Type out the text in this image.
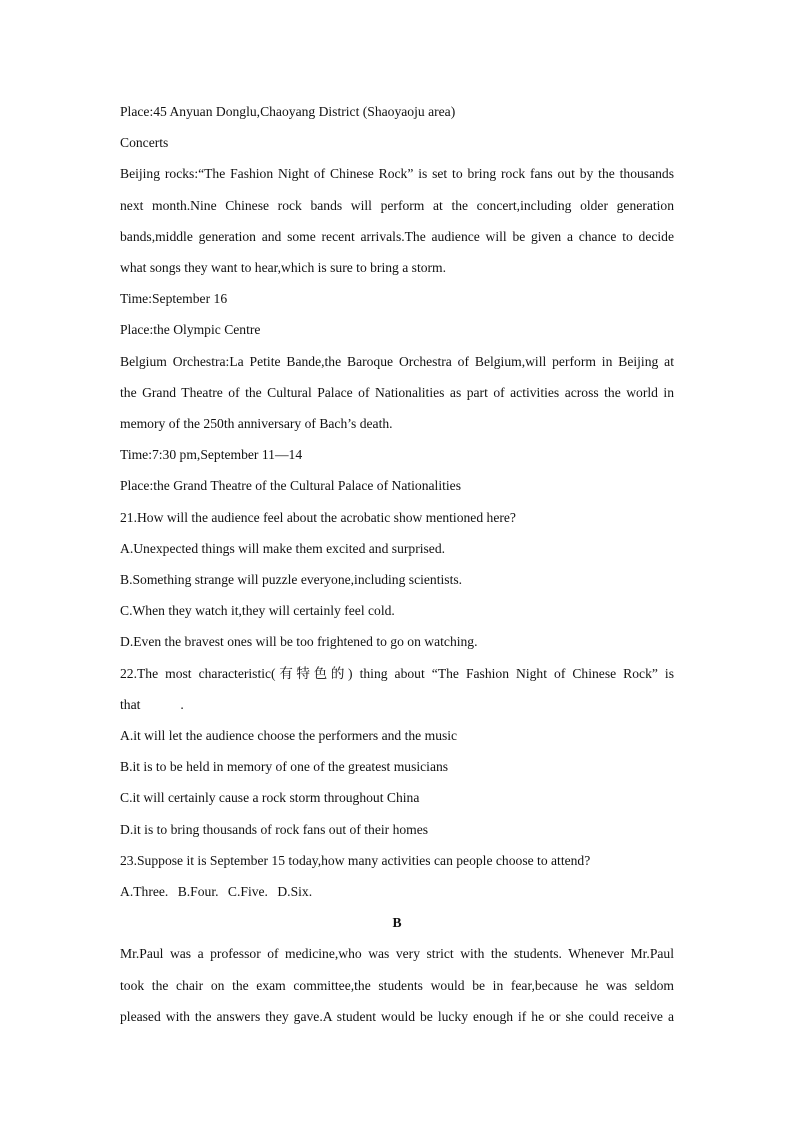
Place:45 Anyuan Donglu,Chaoyang District (Shaoyaoju area)
Concerts
Beijing rocks:“The Fashion Night of Chinese Rock” is set to bring rock fans out by the thousands
next month.Nine Chinese rock bands will perform at the concert,including older generation
bands,middle generation and some recent arrivals.The audience will be given a chance to decide
what songs they want to hear,which is sure to bring a storm.
Time:September 16
Place:the Olympic Centre
Belgium Orchestra:La Petite Bande,the Baroque Orchestra of Belgium,will perform in Beijing at
the Grand Theatre of the Cultural Palace of Nationalities as part of activities across the world in
memory of the 250th anniversary of Bach’s death.
Time:7:30 pm,September 11—14
Place:the Grand Theatre of the Cultural Palace of Nationalities
21.How will the audience feel about the acrobatic show mentioned here?
A.Unexpected things will make them excited and surprised.
B.Something strange will puzzle everyone,including scientists.
C.When they watch it,they will certainly feel cold.
D.Even the bravest ones will be too frightened to go on watching.
22.The most characteristic(有特色的) thing about “The Fashion Night of Chinese Rock” is
that	.
A.it will let the audience choose the performers and the music
B.it is to be held in memory of one of the greatest musicians
C.it will certainly cause a rock storm throughout China
D.it is to bring thousands of rock fans out of their homes
23.Suppose it is September 15 today,how many activities can people choose to attend?
A.Three. B.Four. C.Five. D.Six.
B
Mr.Paul was a professor of medicine,who was very strict with the students. Whenever Mr.Paul
took the chair on the exam committee,the students would be in fear,because he was seldom
pleased with the answers they gave.A student would be lucky enough if he or she could receive a
